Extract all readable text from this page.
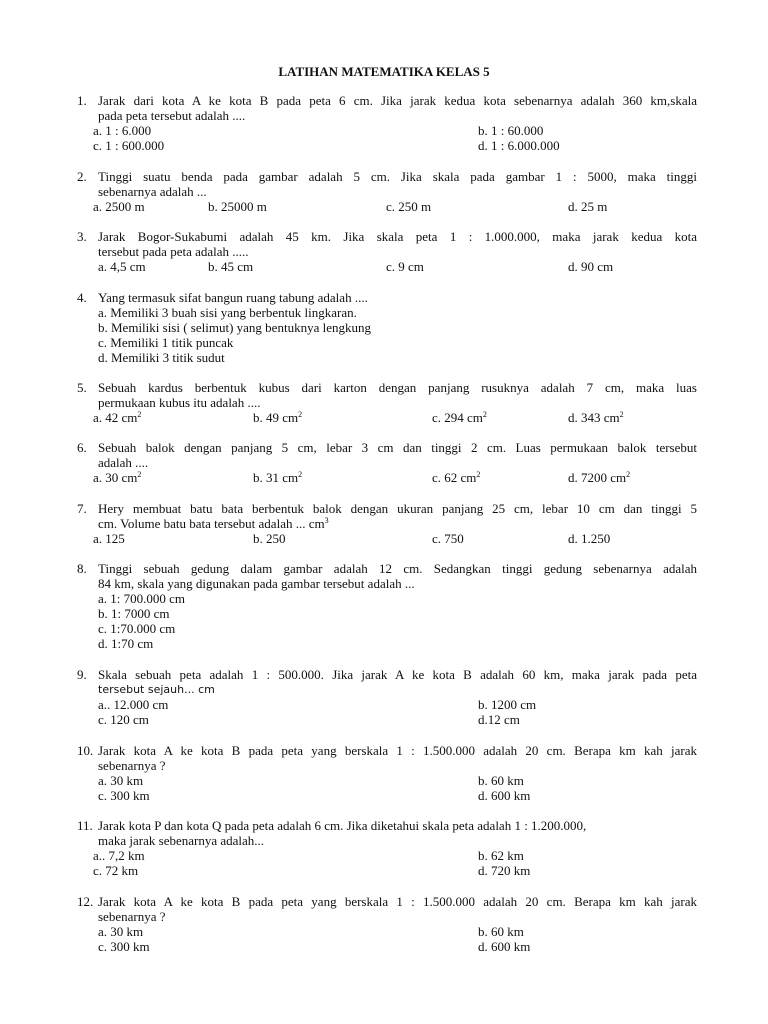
LATIHAN MATEMATIKA KELAS 5
1. Jarak dari kota A ke kota B pada peta 6 cm. Jika jarak kedua kota sebenarnya adalah 360 km,skala
pada peta tersebut adalah ....
a. 1 : 6.000	b. 1 : 60.000
c. 1 : 600.000	d. 1 : 6.000.000
2. Tinggi suatu benda pada gambar adalah 5 cm. Jika skala pada gambar 1 : 5000, maka tinggi
sebenarnya adalah ...
a. 2500 m	b. 25000 m	c. 250 m	d. 25 m
3. Jarak Bogor-Sukabumi adalah 45 km. Jika skala peta 1 : 1.000.000, maka jarak kedua kota
tersebut pada peta adalah .....
a. 4,5 cm	b. 45 cm	c. 9 cm	d. 90 cm
4. Yang termasuk sifat bangun ruang tabung adalah ....
a. Memiliki 3 buah sisi yang berbentuk lingkaran.
b. Memiliki sisi ( selimut) yang bentuknya lengkung
c. Memiliki 1 titik puncak
d. Memiliki 3 titik sudut
5. Sebuah kardus berbentuk kubus dari karton dengan panjang rusuknya adalah 7 cm, maka luas
permukaan kubus itu adalah ....
a. 42 $cm^2$	b. 49 $cm^2$	c. 294 $cm^2$	d. 343 $cm^2$
6. Sebuah balok dengan panjang 5 cm, lebar 3 cm dan tinggi 2 cm. Luas permukaan balok tersebut
adalah ....
a. 30 $cm^2$	b. 31 $cm^2$	c. 62 $cm^2$	d. 7200 $cm^2$
7. Hery membuat batu bata berbentuk balok dengan ukuran panjang 25 cm, lebar 10 cm dan tinggi 5
cm. Volume batu bata tersebut adalah ... $cm^3$
a. 125	b. 250	c. 750	d. 1.250
8. Tinggi sebuah gedung dalam gambar adalah 12 cm. Sedangkan tinggi gedung sebenarnya adalah
84 km, skala yang digunakan pada gambar tersebut adalah ...
a. 1: 700.000 cm
b. 1: 7000 cm
c. 1:70.000 cm
d. 1:70 cm
9. Skala sebuah peta adalah 1 : 500.000. Jika jarak A ke kota B adalah 60 km, maka jarak pada peta
tersebut sejauh... cm
a.. 12.000 cm	b. 1200 cm
c. 120 cm	d.12 cm
10. Jarak kota A ke kota B pada peta yang berskala 1 : 1.500.000 adalah 20 cm. Berapa km kah jarak
sebenarnya ?
a. 30 km	b. 60 km
c. 300 km	d. 600 km
11. Jarak kota P dan kota Q pada peta adalah 6 cm. Jika diketahui skala peta adalah 1 : 1.200.000,
maka jarak sebenarnya adalah...
a.. 7,2 km	b. 62 km
c. 72 km	d. 720 km
12. Jarak kota A ke kota B pada peta yang berskala 1 : 1.500.000 adalah 20 cm. Berapa km kah jarak
sebenarnya ?
a. 30 km	b. 60 km
c. 300 km	d. 600 km
